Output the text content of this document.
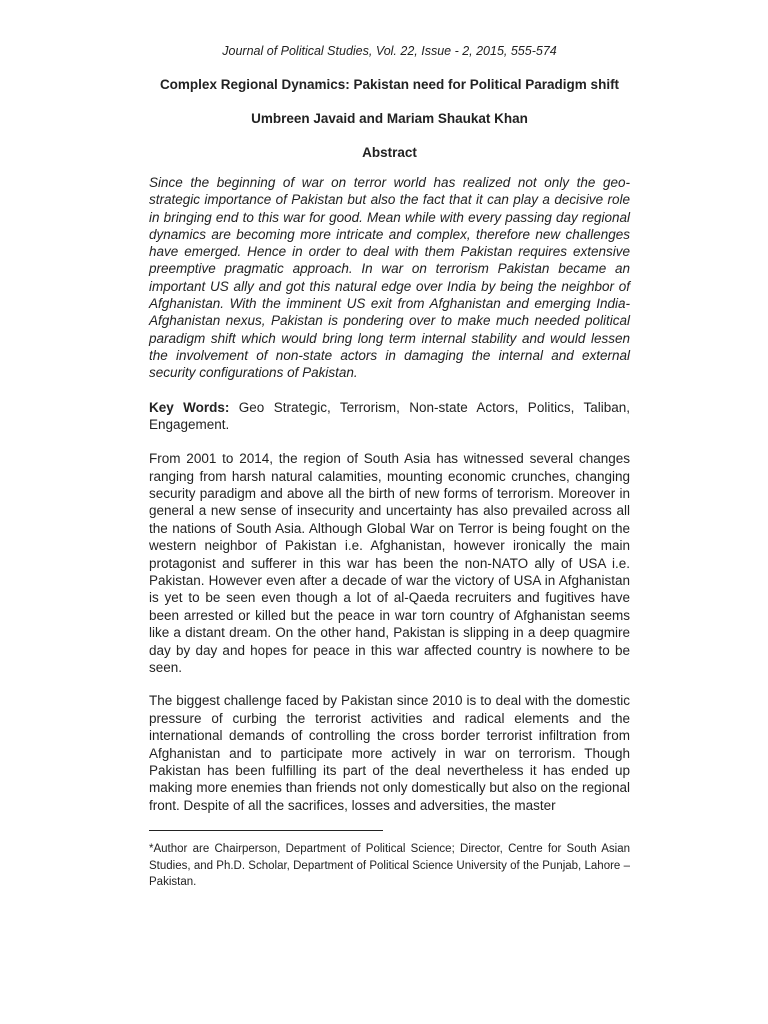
Journal of Political Studies, Vol. 22, Issue - 2, 2015, 555-574

Complex Regional Dynamics: Pakistan need for Political Paradigm shift

Umbreen Javaid and Mariam Shaukat Khan

Abstract

Since the beginning of war on terror world has realized not only the geo-strategic importance of Pakistan but also the fact that it can play a decisive role in bringing end to this war for good. Mean while with every passing day regional dynamics are becoming more intricate and complex, therefore new challenges have emerged. Hence in order to deal with them Pakistan requires extensive preemptive pragmatic approach. In war on terrorism Pakistan became an important US ally and got this natural edge over India by being the neighbor of Afghanistan. With the imminent US exit from Afghanistan and emerging India-Afghanistan nexus, Pakistan is pondering over to make much needed political paradigm shift which would bring long term internal stability and would lessen the involvement of non-state actors in damaging the internal and external security configurations of Pakistan.

Key Words: Geo Strategic, Terrorism, Non-state Actors, Politics, Taliban, Engagement.

From 2001 to 2014, the region of South Asia has witnessed several changes ranging from harsh natural calamities, mounting economic crunches, changing security paradigm and above all the birth of new forms of terrorism. Moreover in general a new sense of insecurity and uncertainty has also prevailed across all the nations of South Asia. Although Global War on Terror is being fought on the western neighbor of Pakistan i.e. Afghanistan, however ironically the main protagonist and sufferer in this war has been the non-NATO ally of USA i.e. Pakistan. However even after a decade of war the victory of USA in Afghanistan is yet to be seen even though a lot of al-Qaeda recruiters and fugitives have been arrested or killed but the peace in war torn country of Afghanistan seems like a distant dream. On the other hand, Pakistan is slipping in a deep quagmire day by day and hopes for peace in this war affected country is nowhere to be seen.

The biggest challenge faced by Pakistan since 2010 is to deal with the domestic pressure of curbing the terrorist activities and radical elements and the international demands of controlling the cross border terrorist infiltration from Afghanistan and to participate more actively in war on terrorism. Though Pakistan has been fulfilling its part of the deal nevertheless it has ended up making more enemies than friends not only domestically but also on the regional front. Despite of all the sacrifices, losses and adversities, the master

*Author are Chairperson, Department of Political Science; Director, Centre for South Asian Studies, and Ph.D. Scholar, Department of Political Science University of the Punjab, Lahore – Pakistan.
